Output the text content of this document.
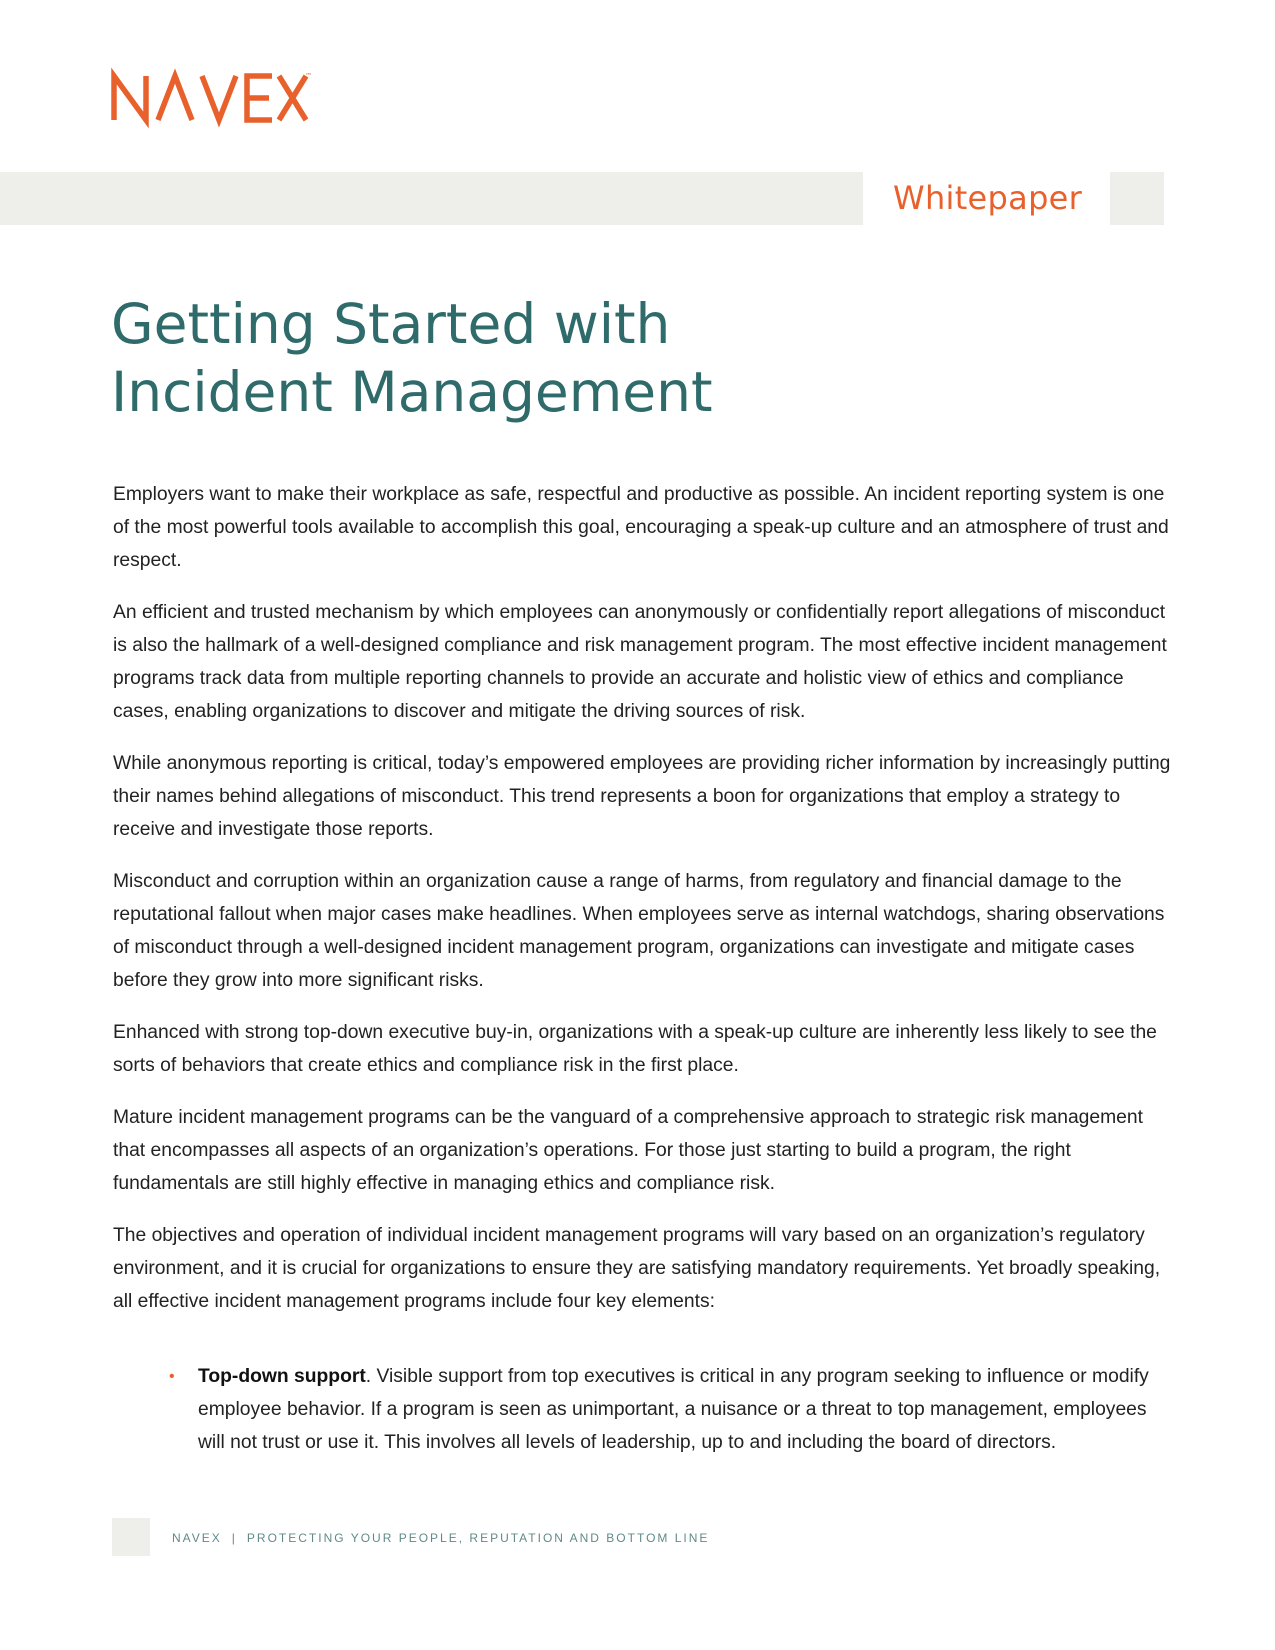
™
Whitepaper
Getting Started with
Incident Management

Employers want to make their workplace as safe, respectful and productive as possible. An incident reporting system is one of the most powerful tools available to accomplish this goal, encouraging a speak-up culture and an atmosphere of trust and respect.

An efficient and trusted mechanism by which employees can anonymously or confidentially report allegations of misconduct is also the hallmark of a well-designed compliance and risk management program. The most effective incident management programs track data from multiple reporting channels to provide an accurate and holistic view of ethics and compliance cases, enabling organizations to discover and mitigate the driving sources of risk.

While anonymous reporting is critical, today’s empowered employees are providing richer information by increasingly putting their names behind allegations of misconduct. This trend represents a boon for organizations that employ a strategy to receive and investigate those reports.

Misconduct and corruption within an organization cause a range of harms, from regulatory and financial damage to the reputational fallout when major cases make headlines. When employees serve as internal watchdogs, sharing observations of misconduct through a well-designed incident management program, organizations can investigate and mitigate cases before they grow into more significant risks.

Enhanced with strong top-down executive buy-in, organizations with a speak-up culture are inherently less likely to see the sorts of behaviors that create ethics and compliance risk in the first place.

Mature incident management programs can be the vanguard of a comprehensive approach to strategic risk management that encompasses all aspects of an organization’s operations. For those just starting to build a program, the right fundamentals are still highly effective in managing ethics and compliance risk.

The objectives and operation of individual incident management programs will vary based on an organization’s regulatory environment, and it is crucial for organizations to ensure they are satisfying mandatory requirements. Yet broadly speaking, all effective incident management programs include four key elements:

• Top-down support. Visible support from top executives is critical in any program seeking to influence or modify employee behavior. If a program is seen as unimportant, a nuisance or a threat to top management, employees will not trust or use it. This involves all levels of leadership, up to and including the board of directors.
NAVEX | PROTECTING YOUR PEOPLE, REPUTATION AND BOTTOM LINE
